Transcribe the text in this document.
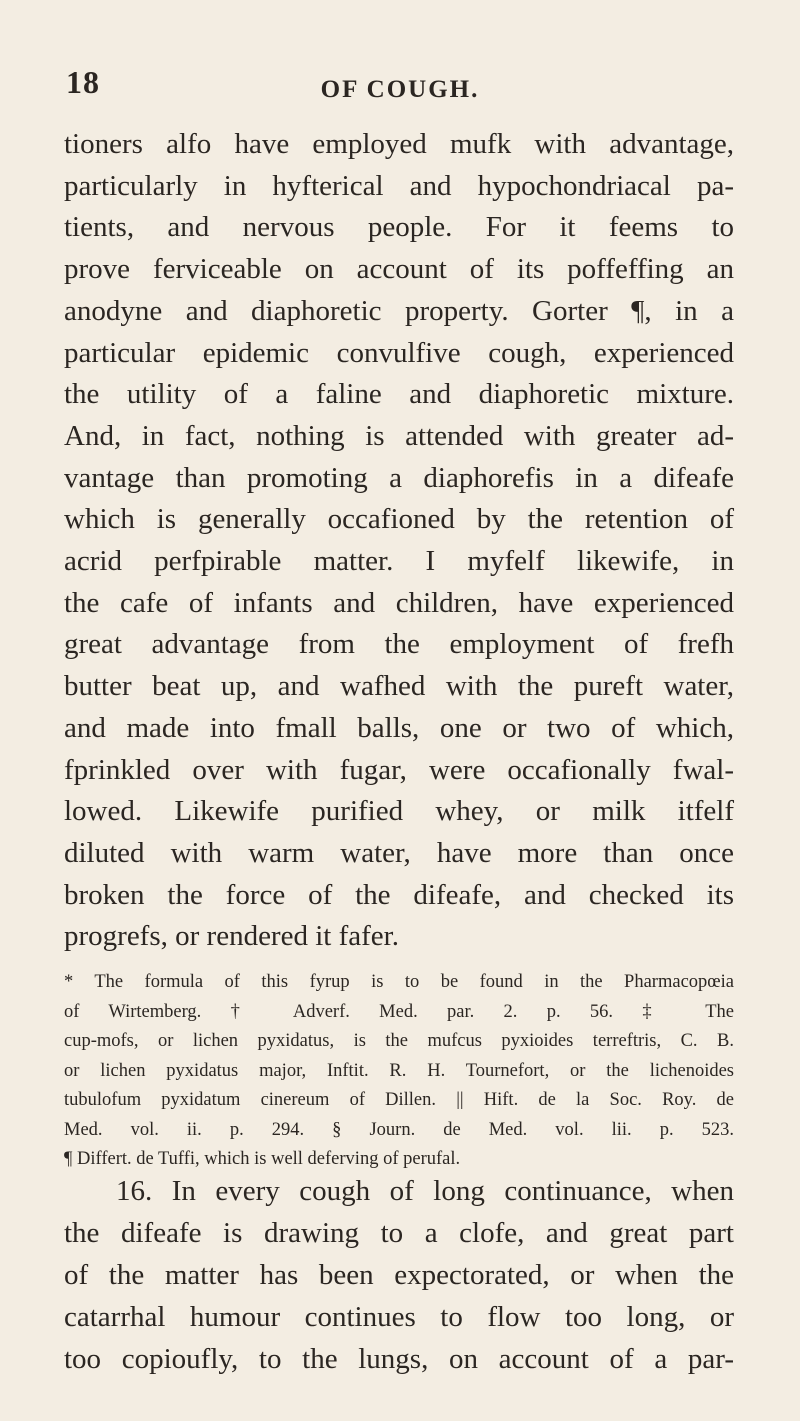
18	OF COUGH.
tioners alfo have employed mufk with advantage,
particularly in hyfterical and hypochondriacal pa-
tients, and nervous people. For it feems to
prove ferviceable on account of its poffeffing an
anodyne and diaphoretic property. Gorter ¶, in a
particular epidemic convulfive cough, experienced
the utility of a faline and diaphoretic mixture.
And, in fact, nothing is attended with greater ad-
vantage than promoting a diaphorefis in a difeafe
which is generally occafioned by the retention of
acrid perfpirable matter. I myfelf likewife, in
the cafe of infants and children, have experienced
great advantage from the employment of frefh
butter beat up, and wafhed with the pureft water,
and made into fmall balls, one or two of which,
fprinkled over with fugar, were occafionally fwal-
lowed. Likewife purified whey, or milk itfelf
diluted with warm water, have more than once
broken the force of the difeafe, and checked its
progrefs, or rendered it fafer.
* The formula of this fyrup is to be found in the Pharmacopœia
of Wirtemberg. † Adverf. Med. par. 2. p. 56. ‡ The
cup-mofs, or lichen pyxidatus, is the mufcus pyxioides terreftris, C. B.
or lichen pyxidatus major, Inftit. R. H. Tournefort, or the lichenoides
tubulofum pyxidatum cinereum of Dillen. || Hift. de la Soc. Roy. de
Med. vol. ii. p. 294. § Journ. de Med. vol. lii. p. 523.
¶ Differt. de Tuffi, which is well deferving of perufal.
16. In every cough of long continuance, when
the difeafe is drawing to a clofe, and great part
of the matter has been expectorated, or when the
catarrhal humour continues to flow too long, or
too copioufly, to the lungs, on account of a par-
